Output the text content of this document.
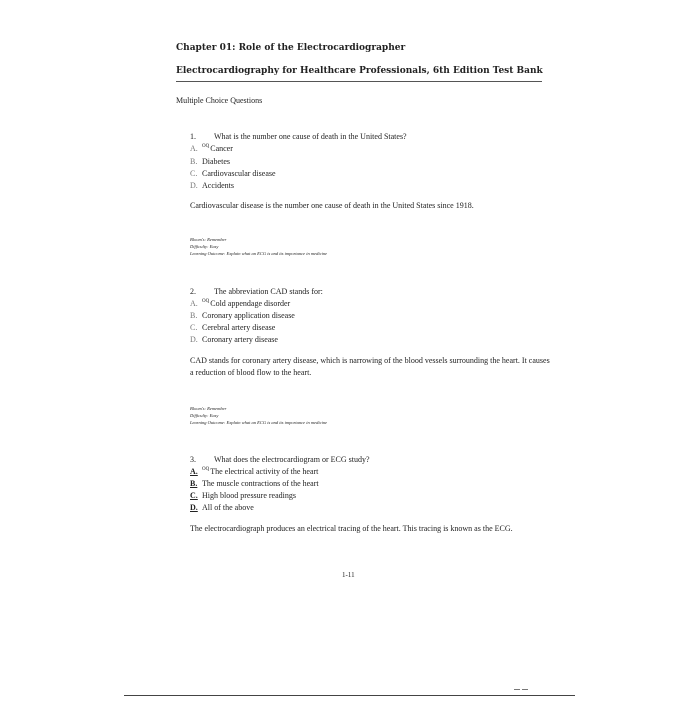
Chapter 01: Role of the Electrocardiographer
Electrocardiography for Healthcare Professionals, 6th Edition Test Bank
Multiple Choice Questions
1. What is the number one cause of death in the United States?
A. $^{OQ}$Cancer
B. Diabetes
C. Cardiovascular disease
D. Accidents
Cardiovascular disease is the number one cause of death in the United States since 1918.
Bloom's: Remember
Difficulty: Easy
Learning Outcome: Explain what an ECG is and its importance in medicine
2. The abbreviation CAD stands for:
A. $^{OQ}$Cold appendage disorder
B. Coronary application disease
C. Cerebral artery disease
D. Coronary artery disease
CAD stands for coronary artery disease, which is narrowing of the blood vessels surrounding the heart. It causes a reduction of blood flow to the heart.
Bloom's: Remember
Difficulty: Easy
Learning Outcome: Explain what an ECG is and its importance in medicine
3. What does the electrocardiogram or ECG study?
A. $^{OQ}$The electrical activity of the heart
B. The muscle contractions of the heart
C. High blood pressure readings
D. All of the above
The electrocardiograph produces an electrical tracing of the heart. This tracing is known as the ECG.
1-11
